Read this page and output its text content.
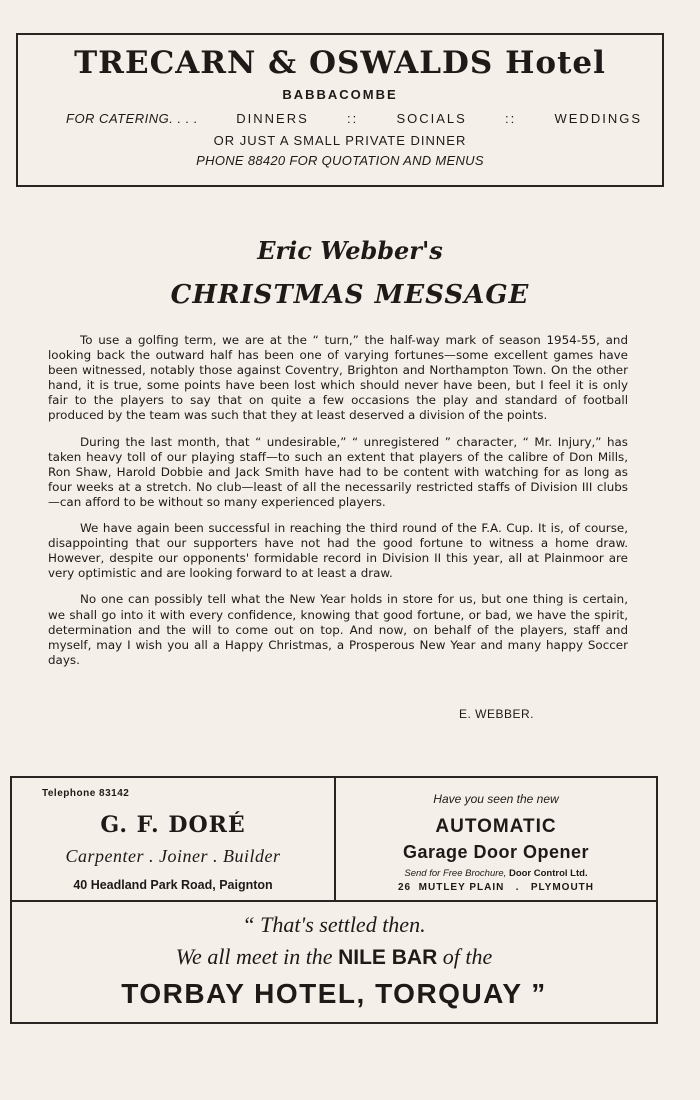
TRECARN & OSWALDS Hotel
BABBACOMBE
FOR CATERING. . . .	DINNERS	::	SOCIALS	::	WEDDINGS
OR JUST A SMALL PRIVATE DINNER
PHONE 88420 FOR QUOTATION AND MENUS
Eric Webber's
CHRISTMAS MESSAGE

To use a golfing term, we are at the “ turn,” the half-way mark of season 1954-55, and looking back the outward half has been one of varying fortunes—some excellent games have been witnessed, notably those against Coventry, Brighton and Northampton Town. On the other hand, it is true, some points have been lost which should never have been, but I feel it is only fair to the players to say that on quite a few occasions the play and standard of football produced by the team was such that they at least deserved a division of the points.

During the last month, that “ undesirable,” “ unregistered ” character, “ Mr. Injury,” has taken heavy toll of our playing staff—to such an extent that players of the calibre of Don Mills, Ron Shaw, Harold Dobbie and Jack Smith have had to be content with watching for as long as four weeks at a stretch. No club—least of all the necessarily restricted staffs of Division III clubs—can afford to be without so many experienced players.

We have again been successful in reaching the third round of the F.A. Cup. It is, of course, disappointing that our supporters have not had the good fortune to witness a home draw. However, despite our opponents' formidable record in Division II this year, all at Plainmoor are very optimistic and are looking forward to at least a draw.

No one can possibly tell what the New Year holds in store for us, but one thing is certain, we shall go into it with every confidence, knowing that good fortune, or bad, we have the spirit, determination and the will to come out on top. And now, on behalf of the players, staff and myself, may I wish you all a Happy Christmas, a Prosperous New Year and many happy Soccer days.

E. WEBBER.
Telephone 83142
G. F. DORÉ
Carpenter . Joiner . Builder
40 Headland Park Road, Paignton
Have you seen the new
AUTOMATIC
Garage Door Opener
Send for Free Brochure, Door Control Ltd.
26  MUTLEY PLAIN   .   PLYMOUTH
“ That's settled then.
We all meet in the NILE BAR of the
TORBAY HOTEL, TORQUAY ”
